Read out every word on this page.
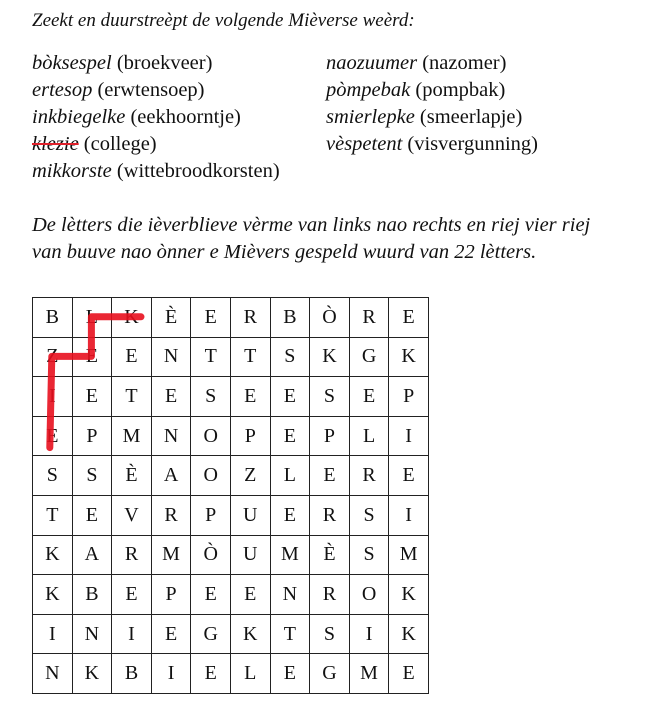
Zeekt en duurstreèpt de volgende Mièverse weèrd:
bòksespel (broekveer)
ertesop (erwtensoep)
inkbiegelke (eekhoorntje)
klezie (college)
mikkorste (wittebroodkorsten)
naozuumer (nazomer)
pòmpebak (pompbak)
smierlepke (smeerlapje)
vèspetent (visvergunning)
De lètters die ièverblieve vèrme van links nao rechts en riej vier riej
van buuve nao ònner e Mièvers gespeld wuurd van 22 lètters.
B	L	K	È	E	R	B	Ò	R	E
Z	E	E	N	T	T	S	K	G	K
I	E	T	E	S	E	E	S	E	P
E	P	M	N	O	P	E	P	L	I
S	S	È	A	O	Z	L	E	R	E
T	E	V	R	P	U	E	R	S	I
K	A	R	M	Ò	U	M	È	S	M
K	B	E	P	E	E	N	R	O	K
I	N	I	E	G	K	T	S	I	K
N	K	B	I	E	L	E	G	M	E
